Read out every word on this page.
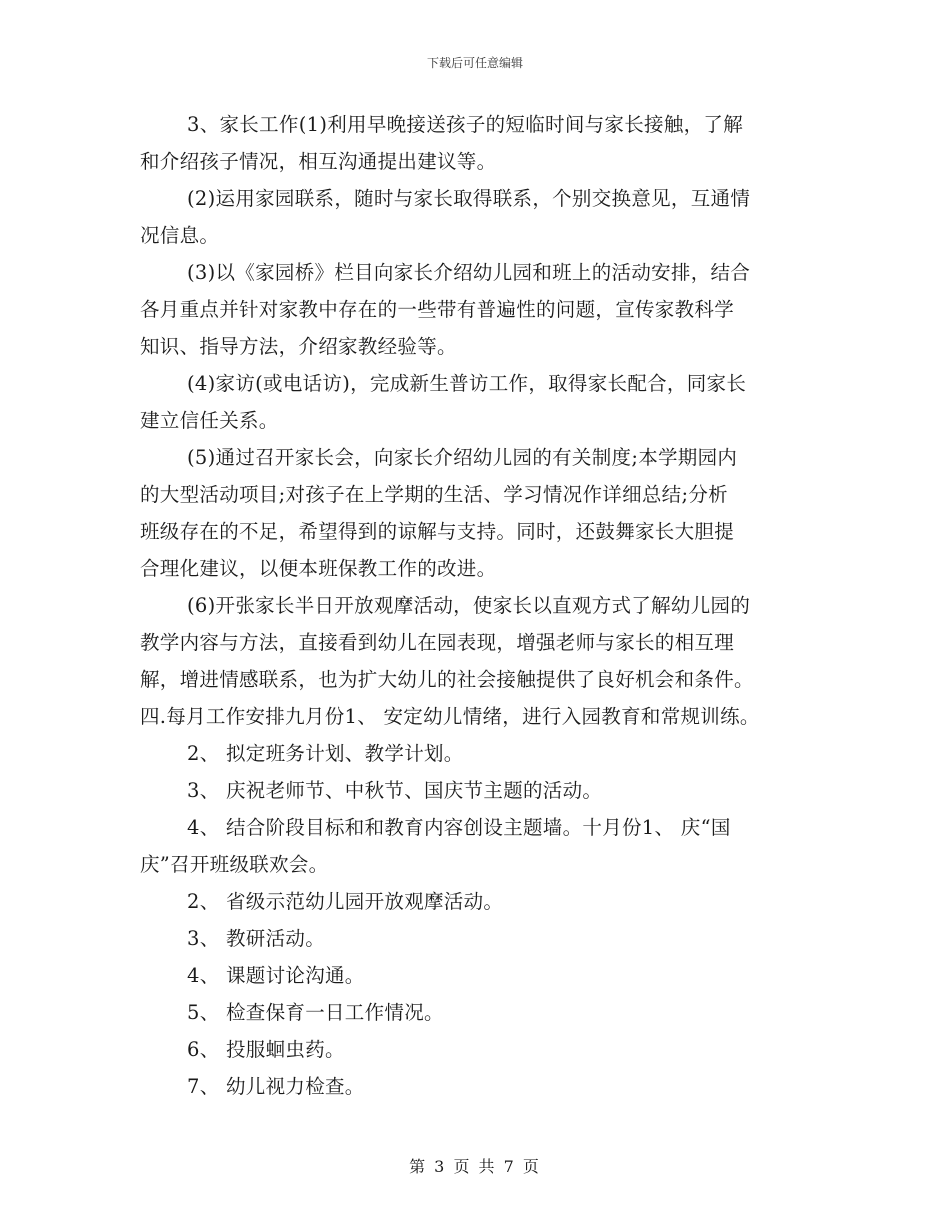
下载后可任意编辑
3、家长工作(1)利用早晚接送孩子的短临时间与家长接触，了解
和介绍孩子情况，相互沟通提出建议等。
(2)运用家园联系，随时与家长取得联系，个别交换意见，互通情
况信息。
(3)以《家园桥》栏目向家长介绍幼儿园和班上的活动安排，结合
各月重点并针对家教中存在的一些带有普遍性的问题，宣传家教科学
知识、指导方法，介绍家教经验等。
(4)家访(或电话访)，完成新生普访工作，取得家长配合，同家长
建立信任关系。
(5)通过召开家长会，向家长介绍幼儿园的有关制度;本学期园内
的大型活动项目;对孩子在上学期的生活、学习情况作详细总结;分析
班级存在的不足，希望得到的谅解与支持。同时，还鼓舞家长大胆提
合理化建议，以便本班保教工作的改进。
(6)开张家长半日开放观摩活动，使家长以直观方式了解幼儿园的
教学内容与方法，直接看到幼儿在园表现，增强老师与家长的相互理
解，增进情感联系，也为扩大幼儿的社会接触提供了良好机会和条件。
四.每月工作安排九月份1、 安定幼儿情绪，进行入园教育和常规训练。
2、 拟定班务计划、教学计划。
3、 庆祝老师节、中秋节、国庆节主题的活动。
4、 结合阶段目标和和教育内容创设主题墙。十月份1、 庆“国
庆”召开班级联欢会。
2、 省级示范幼儿园开放观摩活动。
3、 教研活动。
4、 课题讨论沟通。
5、 检查保育一日工作情况。
6、 投服蛔虫药。
7、 幼儿视力检查。
第 3 页 共 7 页
